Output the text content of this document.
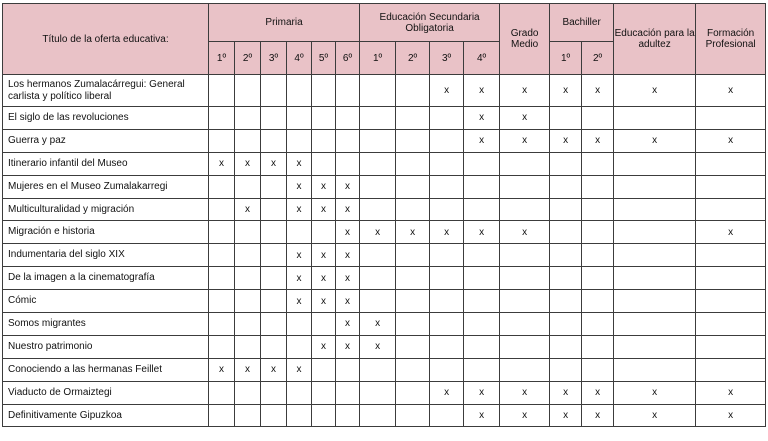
Título de la oferta educativa:	Primaria						Educación Secundaria Obligatoria				Grado Medio	Bachiller		Educación para la adultez	Formación Profesional
	1º	2º	3º	4º	5º	6º	1º	2º	3º	4º		1º	2º		
Los hermanos Zumalacárregui: General carlista y político liberal									x	x	x	x	x	x	x
El siglo de las revoluciones										x	x				
Guerra y paz										x	x	x	x	x	x
Itinerario infantil del Museo	x	x	x	x											
Mujeres en el Museo Zumalakarregi				x	x	x									
Multiculturalidad y migración		x		x	x	x									
Migración e historia						x	x	x	x	x	x				x
Indumentaria del siglo XIX				x	x	x									
De la imagen a la cinematografía				x	x	x									
Cómic				x	x	x									
Somos migrantes						x	x								
Nuestro patrimonio					x	x	x								
Conociendo a las hermanas Feillet	x	x	x	x											
Viaducto de Ormaiztegi									x	x	x	x	x	x	x
Definitivamente Gipuzkoa										x	x	x	x	x	x
